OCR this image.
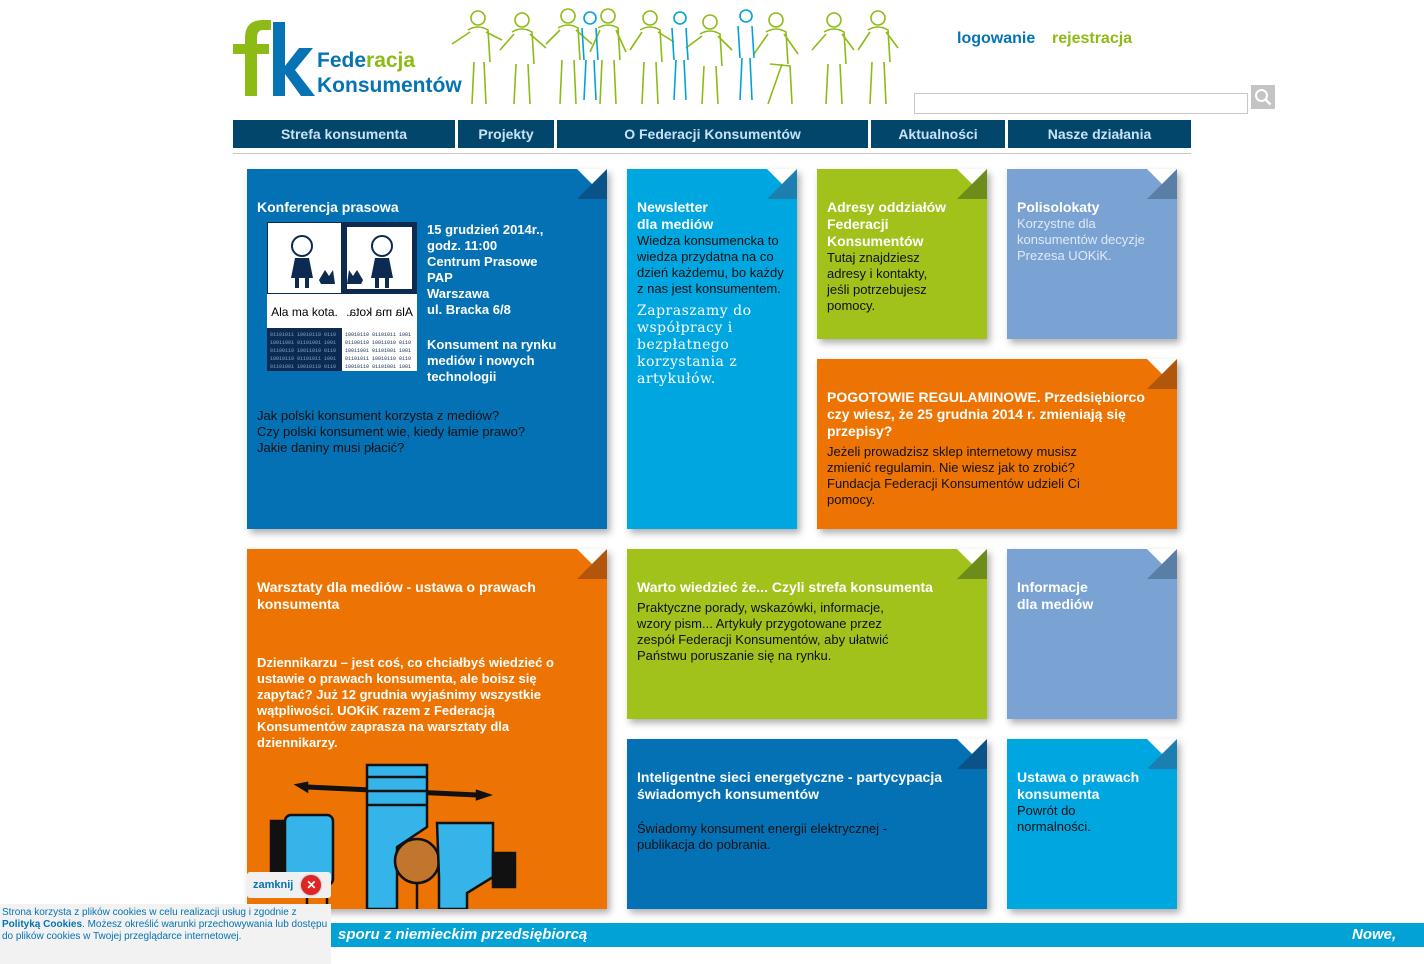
Federacja
Konsumentów
logowanie rejestracja
Strefa konsumenta	Projekty	O Federacji Konsumentów	Aktualności	Nasze działania
Konferencja prasowa
01101011 10010110 0110
10011001 01101001 1001
01100110 10011010 0110
10010110 01101011 1001
01101001 10010110 0110
10010110 01101011 1001
01100110 10011010 0110
10011001 01101001 1001
01101011 10010110 0110
10010110 01101001 1001
Ala ma kota. Ala ma kota.
15 grudzień 2014r.,
godz. 11:00
Centrum Prasowe
PAP
Warszawa
ul. Bracka 6/8
Konsument na rynku mediów i nowych technologii
Jak polski konsument korzysta z mediów?
Czy polski konsument wie, kiedy łamie prawo?
Jakie daniny musi płacić?
Newsletter dla mediów
Wiedza konsumencka to wiedza przydatna na co dzień każdemu, bo każdy z nas jest konsumentem.
Zapraszamy do współpracy i bezpłatnego korzystania z artykułów.
Adresy oddziałów Federacji Konsumentów
Tutaj znajdziesz adresy i kontakty, jeśli potrzebujesz pomocy.
Polisolokaty
Korzystne dla konsumentów decyzje Prezesa UOKiK.
POGOTOWIE REGULAMINOWE. Przedsiębiorco czy wiesz, że 25 grudnia 2014 r. zmieniają się przepisy?
Jeżeli prowadzisz sklep internetowy musisz zmienić regulamin. Nie wiesz jak to zrobić? Fundacja Federacji Konsumentów udzieli Ci pomocy.
Warsztaty dla mediów - ustawa o prawach konsumenta
Dziennikarzu – jest coś, co chciałbyś wiedzieć o ustawie o prawach konsumenta, ale boisz się zapytać? Już 12 grudnia wyjaśnimy wszystkie wątpliwości. UOKiK razem z Federacją Konsumentów zaprasza na warsztaty dla dziennikarzy.
Warto wiedzieć że... Czyli strefa konsumenta
Praktyczne porady, wskazówki, informacje, wzory pism... Artykuły przygotowane przez zespół Federacji Konsumentów, aby ułatwić Państwu poruszanie się na rynku.
Informacje dla mediów
Inteligentne sieci energetyczne - partycypacja świadomych konsumentów
Świadomy konsument energii elektrycznej - publikacja do pobrania.
Ustawa o prawach konsumenta
Powrót do normalności.
sporu z niemieckim przedsiębiorcą	Nowe, wsp
zamknij	✕
Strona korzysta z plików cookies w celu realizacji usług i zgodnie z Polityką Cookies. Możesz określić warunki przechowywania lub dostępu do plików cookies w Twojej przeglądarce internetowej.
